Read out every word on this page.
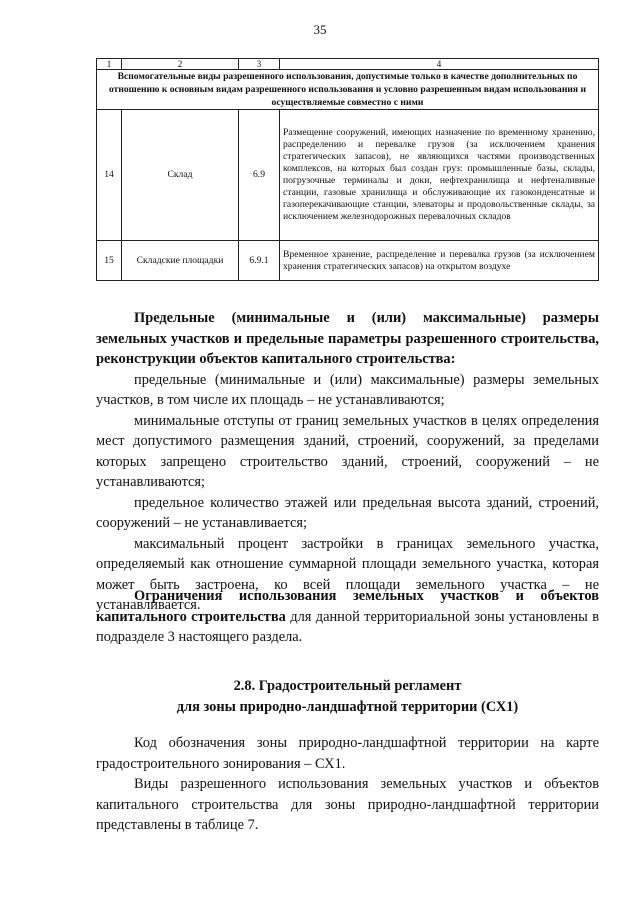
35
1	2	3	4
Вспомогательные виды разрешенного использования, допустимые только в качестве дополнительных по отношению к основным видам разрешенного использования и условно разрешенным видам использования и осуществляемые совместно с ними			
14	Склад	6.9	Размещение сооружений, имеющих назначение по временному хранению, распределению и перевалке грузов (за исключением хранения стратегических запасов), не являющихся частями производственных комплексов, на которых был создан груз: промышленные базы, склады, погрузочные терминалы и доки, нефтехранилища и нефтеналивные станции, газовые хранилища и обслуживающие их газоконденсатные и газоперекачивающие станции, элеваторы и продовольственные склады, за исключением железнодорожных перевалочных складов
15	Складские площадки	6.9.1	Временное хранение, распределение и перевалка грузов (за исключением хранения стратегических запасов) на открытом воздухе

Предельные (минимальные и (или) максимальные) размеры земельных участков и предельные параметры разрешенного строительства, реконструкции объектов капитального строительства:

предельные (минимальные и (или) максимальные) размеры земельных участков, в том числе их площадь – не устанавливаются;

минимальные отступы от границ земельных участков в целях определения мест допустимого размещения зданий, строений, сооружений, за пределами которых запрещено строительство зданий, строений, сооружений – не устанавливаются;

предельное количество этажей или предельная высота зданий, строений, сооружений – не устанавливается;

максимальный процент застройки в границах земельного участка, определяемый как отношение суммарной площади земельного участка, которая может быть застроена, ко всей площади земельного участка – не устанавливается.

Ограничения использования земельных участков и объектов капитального строительства для данной территориальной зоны установлены в подразделе 3 настоящего раздела.

2.8. Градостроительный регламент
для зоны природно-ландшафтной территории (СХ1)

Код обозначения зоны природно-ландшафтной территории на карте градостроительного зонирования – СХ1.

Виды разрешенного использования земельных участков и объектов капитального строительства для зоны природно-ландшафтной территории представлены в таблице 7.
